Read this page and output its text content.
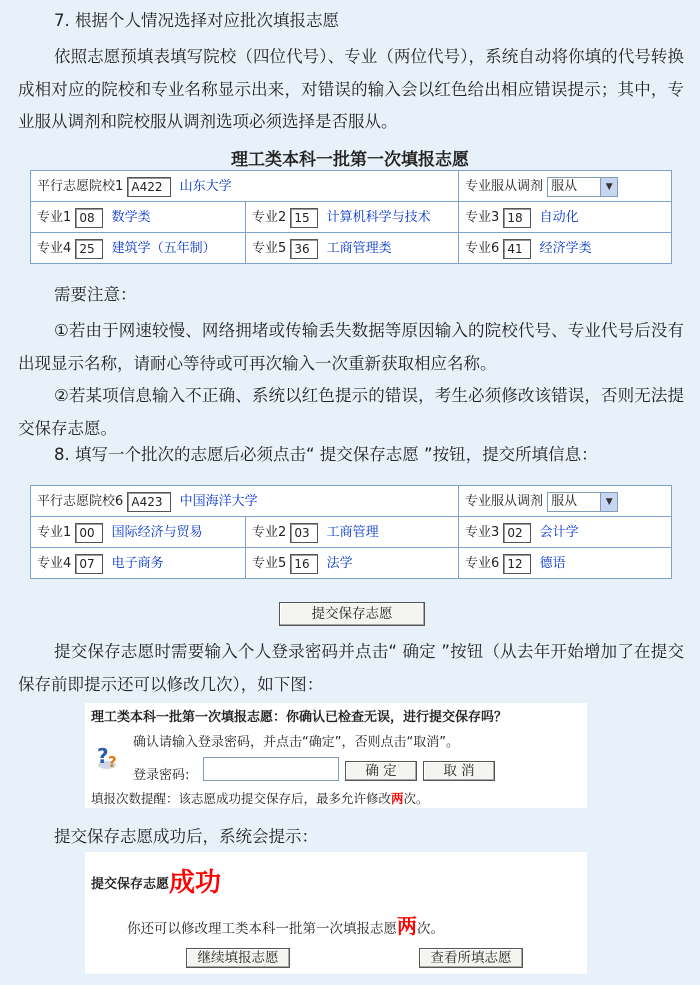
7. 根据个人情况选择对应批次填报志愿
依照志愿预填表填写院校（四位代号）、专业（两位代号），系统自动将你填的代号转换成相对应的院校和专业名称显示出来，对错误的输入会以红色给出相应错误提示；其中，专业服从调剂和院校服从调剂选项必须选择是否服从。
理工类本科一批第一次填报志愿
平行志愿院校1 A422 山东大学		专业服从调剂 服从 ▼

专业1 08 数学类	专业2 15 计算机科学与技术	专业3 18 自动化
专业4 25 建筑学（五年制）	专业5 36 工商管理类	专业6 41 经济学类
需要注意：
①若由于网速较慢、网络拥堵或传输丢失数据等原因输入的院校代号、专业代号后没有出现显示名称，请耐心等待或可再次输入一次重新获取相应名称。
②若某项信息输入不正确、系统以红色提示的错误，考生必须修改该错误，否则无法提交保存志愿。
8. 填写一个批次的志愿后必须点击“ 提交保存志愿 ”按钮，提交所填信息：
平行志愿院校6 A423 中国海洋大学		专业服从调剂 服从 ▼

专业1 00 国际经济与贸易	专业2 03 工商管理	专业3 02 会计学
专业4 07 电子商务	专业5 16 法学	专业6 12 德语
提交保存志愿
提交保存志愿时需要输入个人登录密码并点击“ 确定 ”按钮（从去年开始增加了在提交保存前即提示还可以修改几次），如下图：
理工类本科一批第一次填报志愿：你确认已检查无误，进行提交保存吗？
确认请输入登录密码，并点击“确定”，否则点击“取消”。
? ?
登录密码:	确 定	取 消
填报次数提醒：该志愿成功提交保存后，最多允许修改两次。
提交保存志愿成功后，系统会提示：
提交保存志愿成功
你还可以修改理工类本科一批第一次填报志愿两次。
继续填报志愿	查看所填志愿
